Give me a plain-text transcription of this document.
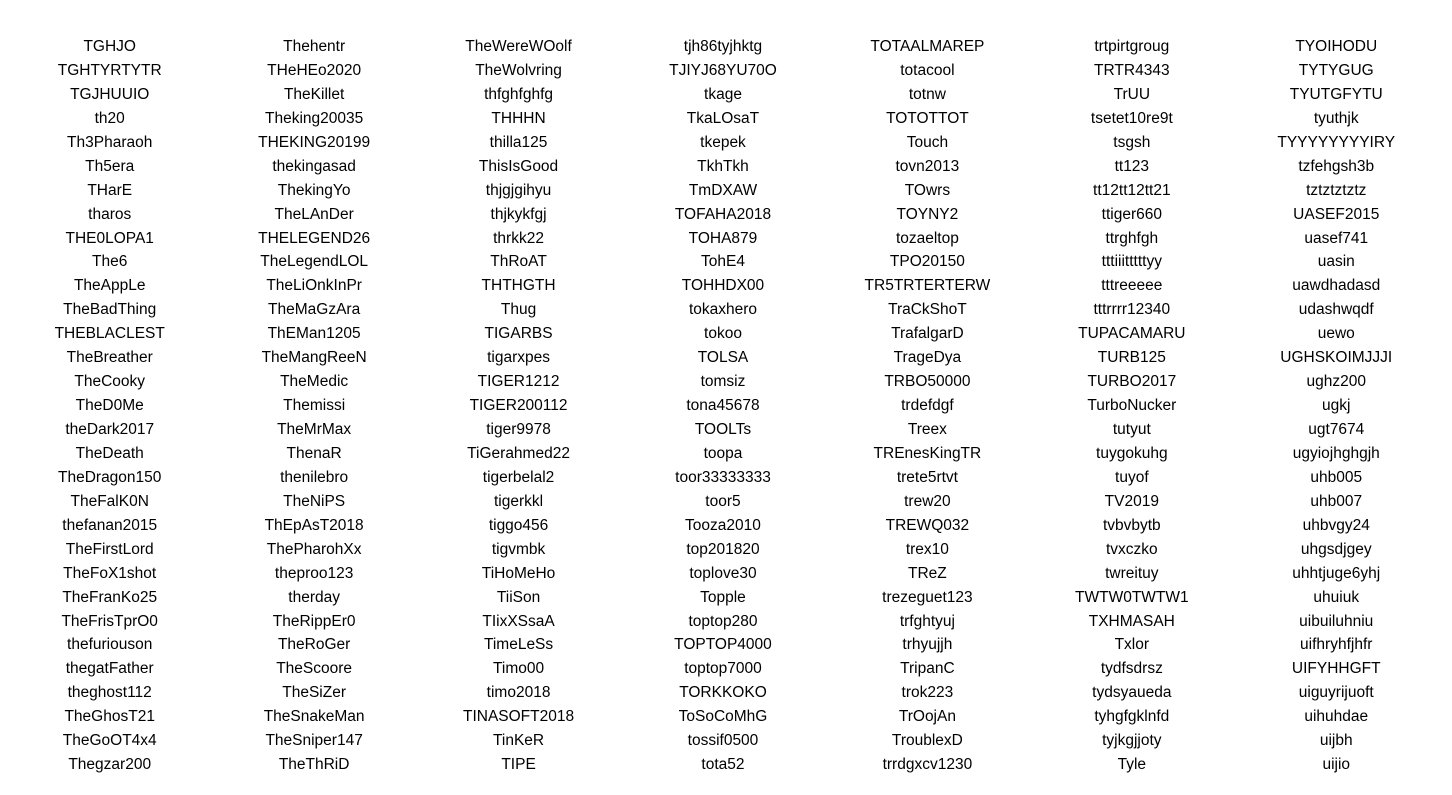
TGHJO
TGHTYRTYTR
TGJHUUIO
th20
Th3Pharaoh
Th5era
THarE
tharos
THE0LOPA1
The6
TheAppLe
TheBadThing
THEBLACLEST
TheBreather
TheCooky
TheD0Me
theDark2017
TheDeath
TheDragon150
TheFalK0N
thefanan2015
TheFirstLord
TheFoX1shot
TheFranKo25
TheFrisTprO0
thefuriouson
thegatFather
theghost112
TheGhosT21
TheGoOT4x4
Thegzar200
Thehentr
THeHEo2020
TheKillet
Theking20035
THEKING20199
thekingasad
ThekingYo
TheLAnDer
THELEGEND26
TheLegendLOL
TheLiOnkInPr
TheMaGzAra
ThEMan1205
TheMangReeN
TheMedic
Themissi
TheMrMax
ThenaR
thenilebro
TheNiPS
ThEpAsT2018
ThePharohXx
theproo123
therday
TheRippEr0
TheRoGer
TheScoore
TheSiZer
TheSnakeMan
TheSniper147
TheThRiD
TheWereWOolf
TheWolvring
thfghfghfg
THHHN
thilla125
ThisIsGood
thjgjgihyu
thjkykfgj
thrkk22
ThRoAT
THTHGTH
Thug
TIGARBS
tigarxpes
TIGER1212
TIGER200112
tiger9978
TiGerahmed22
tigerbelal2
tigerkkl
tiggo456
tigvmbk
TiHoMeHo
TiiSon
TIixXSsaA
TimeLeSs
Timo00
timo2018
TINASOFT2018
TinKeR
TIPE
tjh86tyjhktg
TJIYJ68YU70O
tkage
TkaLOsaT
tkepek
TkhTkh
TmDXAW
TOFAHA2018
TOHA879
TohE4
TOHHDX00
tokaxhero
tokoo
TOLSA
tomsiz
tona45678
TOOLTs
toopa
toor33333333
toor5
Tooza2010
top201820
toplove30
Topple
toptop280
TOPTOP4000
toptop7000
TORKKOKO
ToSoCoMhG
tossif0500
tota52
TOTAALMAREP
totacool
totnw
TOTOTTOT
Touch
tovn2013
TOwrs
TOYNY2
tozaeltop
TPO20150
TR5TRTERTERW
TraCkShoT
TrafalgarD
TrageDya
TRBO50000
trdefdgf
Treex
TREnesKingTR
trete5rtvt
trew20
TREWQ032
trex10
TReZ
trezeguet123
trfghtyuj
trhyujjh
TripanC
trok223
TrOojAn
TroublexD
trrdgxcv1230
trtpirtgroug
TRTR4343
TrUU
tsetet10re9t
tsgsh
tt123
tt12tt12tt21
ttiger660
ttrghfgh
tttiiitttttyy
tttreeeee
tttrrrr12340
TUPACAMARU
TURB125
TURBO2017
TurboNucker
tutyut
tuygokuhg
tuyof
TV2019
tvbvbytb
tvxczko
twreituy
TWTW0TWTW1
TXHMASAH
Txlor
tydfsdrsz
tydsyaueda
tyhgfgklnfd
tyjkgjjoty
Tyle
TYOIHODU
TYTYGUG
TYUTGFYTU
tyuthjk
TYYYYYYYYIRY
tzfehgsh3b
tztztztztz
UASEF2015
uasef741
uasin
uawdhadasd
udashwqdf
uewo
UGHSKOIMJJJI
ughz200
ugkj
ugt7674
ugyiojhghgjh
uhb005
uhb007
uhbvgy24
uhgsdjgey
uhhtjuge6yhj
uhuiuk
uibuiluhniu
uifhryhfjhfr
UIFYHHGFT
uiguyrijuoft
uihuhdae
uijbh
uijio
